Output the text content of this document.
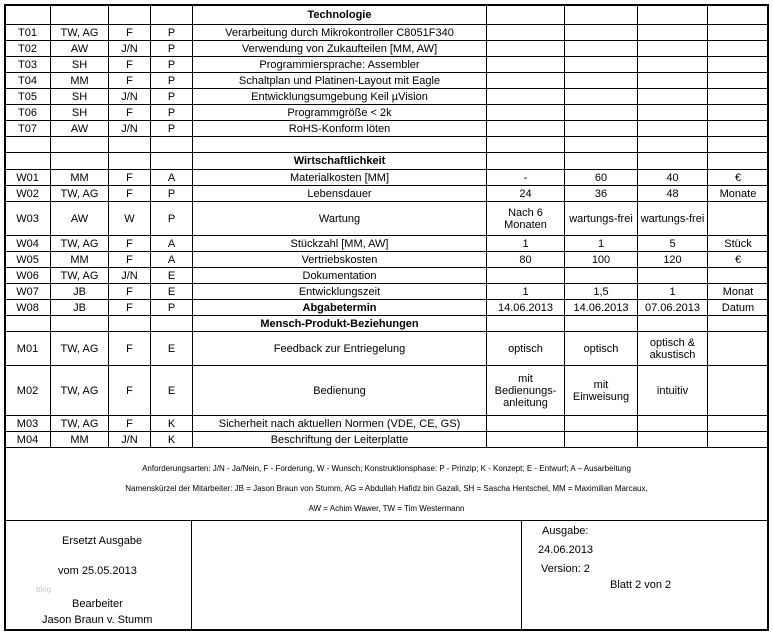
				Technologie				
T01	TW, AG	F	P	Verarbeitung durch Mikrokontroller C8051F340				
T02	AW	J/N	P	Verwendung von Zukaufteilen [MM, AW]				
T03	SH	F	P	Programmiersprache: Assembler				
T04	MM	F	P	Schaltplan und Platinen-Layout mit Eagle				
T05	SH	J/N	P	Entwicklungsumgebung Keil µVision				
T06	SH	F	P	Programmgröße < 2k				
T07	AW	J/N	P	RoHS-Konform löten				

				Wirtschaftlichkeit				
W01	MM	F	A	Materialkosten [MM]	-	60	40	€
W02	TW, AG	F	P	Lebensdauer	24	36	48	Monate
W03	AW	W	P	Wartung	Nach 6 Monaten	wartungs-frei	wartungs-frei	
W04	TW, AG	F	A	Stückzahl [MM, AW]	1	1	5	Stück
W05	MM	F	A	Vertriebskosten	80	100	120	€
W06	TW, AG	J/N	E	Dokumentation				
W07	JB	F	E	Entwicklungszeit	1	1,5	1	Monat
W08	JB	F	P	Abgabetermin	14.06.2013	14.06.2013	07.06.2013	Datum
				Mensch-Produkt-Beziehungen				
M01	TW, AG	F	E	Feedback zur Entriegelung	optisch	optisch	optisch & akustisch	
M02	TW, AG	F	E	Bedienung	mit Bedienungs-anleitung	mit Einweisung	intuitiv	
M03	TW, AG	F	K	Sicherheit nach aktuellen Normen (VDE, CE, GS)				
M04	MM	J/N	K	Beschriftung der Leiterplatte				
Anforderungsarten: J/N - Ja/Nein, F - Forderung, W - Wunsch; Konstruktionsphase: P - Prinzip; K - Konzept; E - Entwurf; A – Ausarbeitung
Namenskürzel der Mitarbeiter: JB = Jason Braun von Stumm, AG = Abdullah Hafidz bin Gazali, SH = Sascha Hentschel, MM = Maximilian Marcaux,
AW = Achim Wawer, TW = Tim Westermann
Ersetzt Ausgabe
vom 25.05.2013
blog
Bearbeiter
Jason Braun v. Stumm
Ausgabe:
24.06.2013
Version: 2
Blatt 2 von 2
